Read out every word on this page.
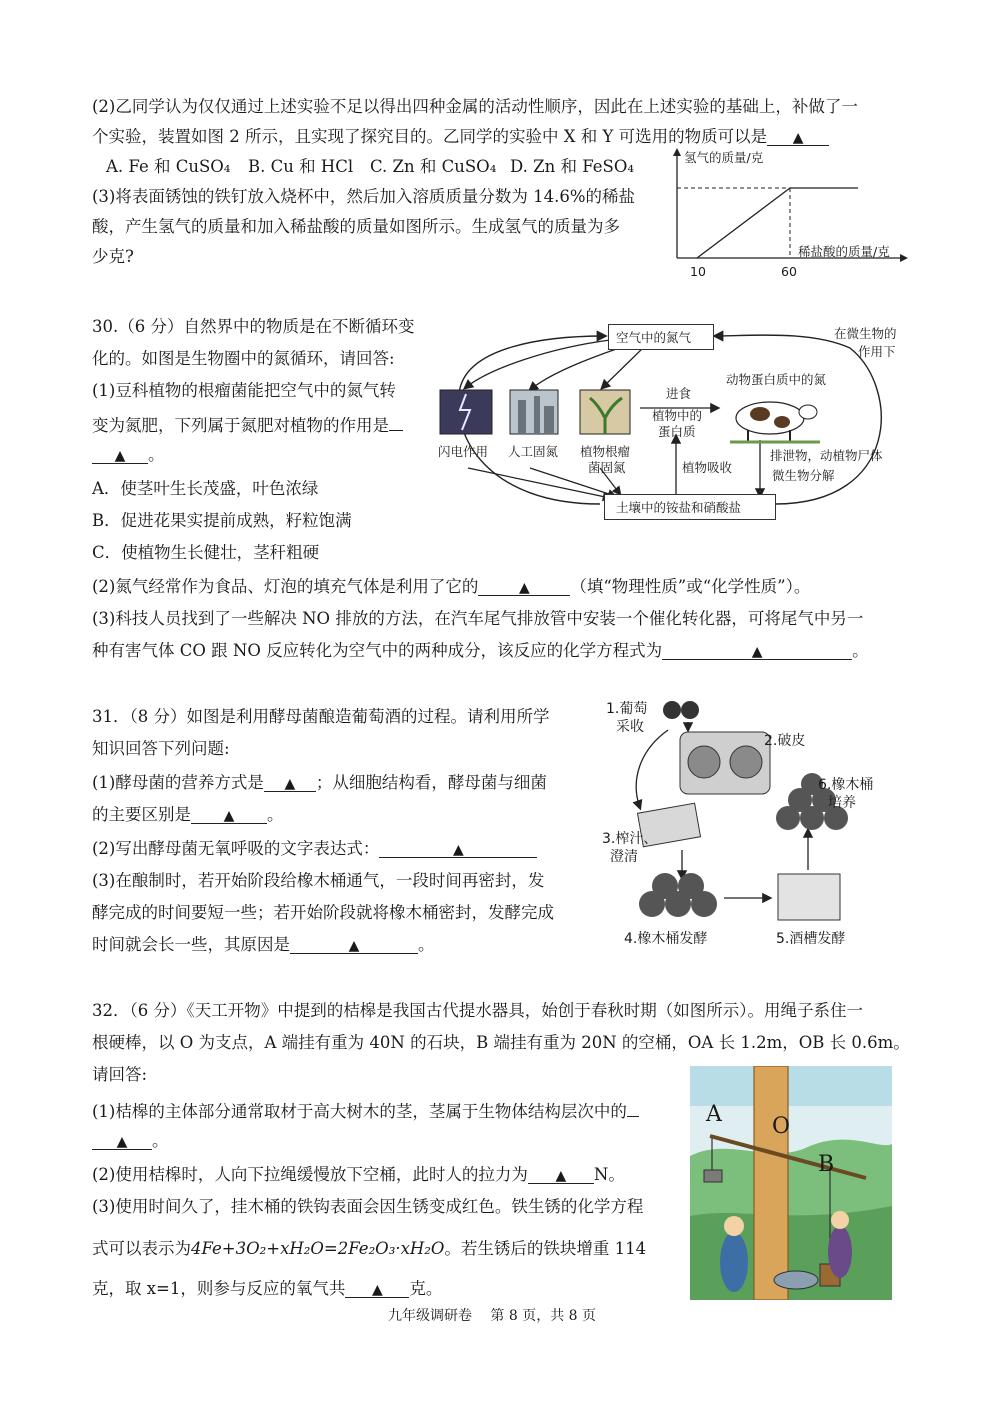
(2)乙同学认为仅仅通过上述实验不足以得出四种金属的活动性顺序，因此在上述实验的基础上，补做了一
个实验，装置如图 2 所示，且实现了探究目的。乙同学的实验中 X 和 Y 可选用的物质可以是 ▲
A. Fe 和 CuSO₄ B. Cu 和 HCl C. Zn 和 CuSO₄ D. Zn 和 FeSO₄
(3)将表面锈蚀的铁钉放入烧杯中，然后加入溶质质量分数为 14.6%的稀盐
酸，产生氢气的质量和加入稀盐酸的质量如图所示。生成氢气的质量为多
少克?
氢气的质量/克
稀盐酸的质量/克
10	60
30.（6 分）自然界中的物质是在不断循环变
化的。如图是生物圈中的氮循环，请回答:
(1)豆科植物的根瘤菌能把空气中的氮气转
变为氮肥，下列属于氮肥对植物的作用是
▲ 。
A．使茎叶生长茂盛，叶色浓绿
B．促进花果实提前成熟，籽粒饱满
C．使植物生长健壮，茎秆粗硬
(2)氮气经常作为食品、灯泡的填充气体是利用了它的	▲ （填“物理性质”或“化学性质”）。
(3)科技人员找到了一些解决 NO 排放的方法，在汽车尾气排放管中安装一个催化转化器，可将尾气中另一
种有害气体 CO 跟 NO 反应转化为空气中的两种成分，该反应的化学方程式为	▲	。
空气中的氮气	在微生物的
作用下
闪电作用 人工固氮 植物根瘤
菌固氮
进食
植物中的
蛋白质
动物蛋白质中的氮
植物吸收
排泄物，动植物尸体
微生物分解
土壤中的铵盐和硝酸盐
31．（8 分）如图是利用酵母菌酿造葡萄酒的过程。请利用所学
知识回答下列问题:
(1)酵母菌的营养方式是 ▲ ；从细胞结构看，酵母菌与细菌
的主要区别是 ▲ 。
(2)写出酵母菌无氧呼吸的文字表达式：	▲
(3)在酿制时，若开始阶段给橡木桶通气，一段时间再密封，发
酵完成的时间要短一些；若开始阶段就将橡木桶密封，发酵完成
时间就会长一些，其原因是	▲	。
1.葡萄
采收
2.破皮
3.榨汁、
澄清
4.橡木桶发酵	5.酒槽发酵
6.橡木桶
培养
32．（6 分）《天工开物》中提到的桔槔是我国古代提水器具，始创于春秋时期（如图所示）。用绳子系住一
根硬棒，以 O 为支点，A 端挂有重为 40N 的石块，B 端挂有重为 20N 的空桶，OA 长 1.2m，OB 长 0.6m。
请回答:
(1)桔槔的主体部分通常取材于高大树木的茎，茎属于生物体结构层次中的
▲ 。
(2)使用桔槔时，人向下拉绳缓慢放下空桶，此时人的拉力为 ▲ N。
(3)使用时间久了，挂木桶的铁钩表面会因生锈变成红色。铁生锈的化学方程
式可以表示为4Fe+3O₂+xH₂O=2Fe₂O₃·xH₂O。若生锈后的铁块增重 114
克，取 x=1，则参与反应的氧气共 ▲ 克。
A O
B
九年级调研卷　 第 8 页，共 8 页
